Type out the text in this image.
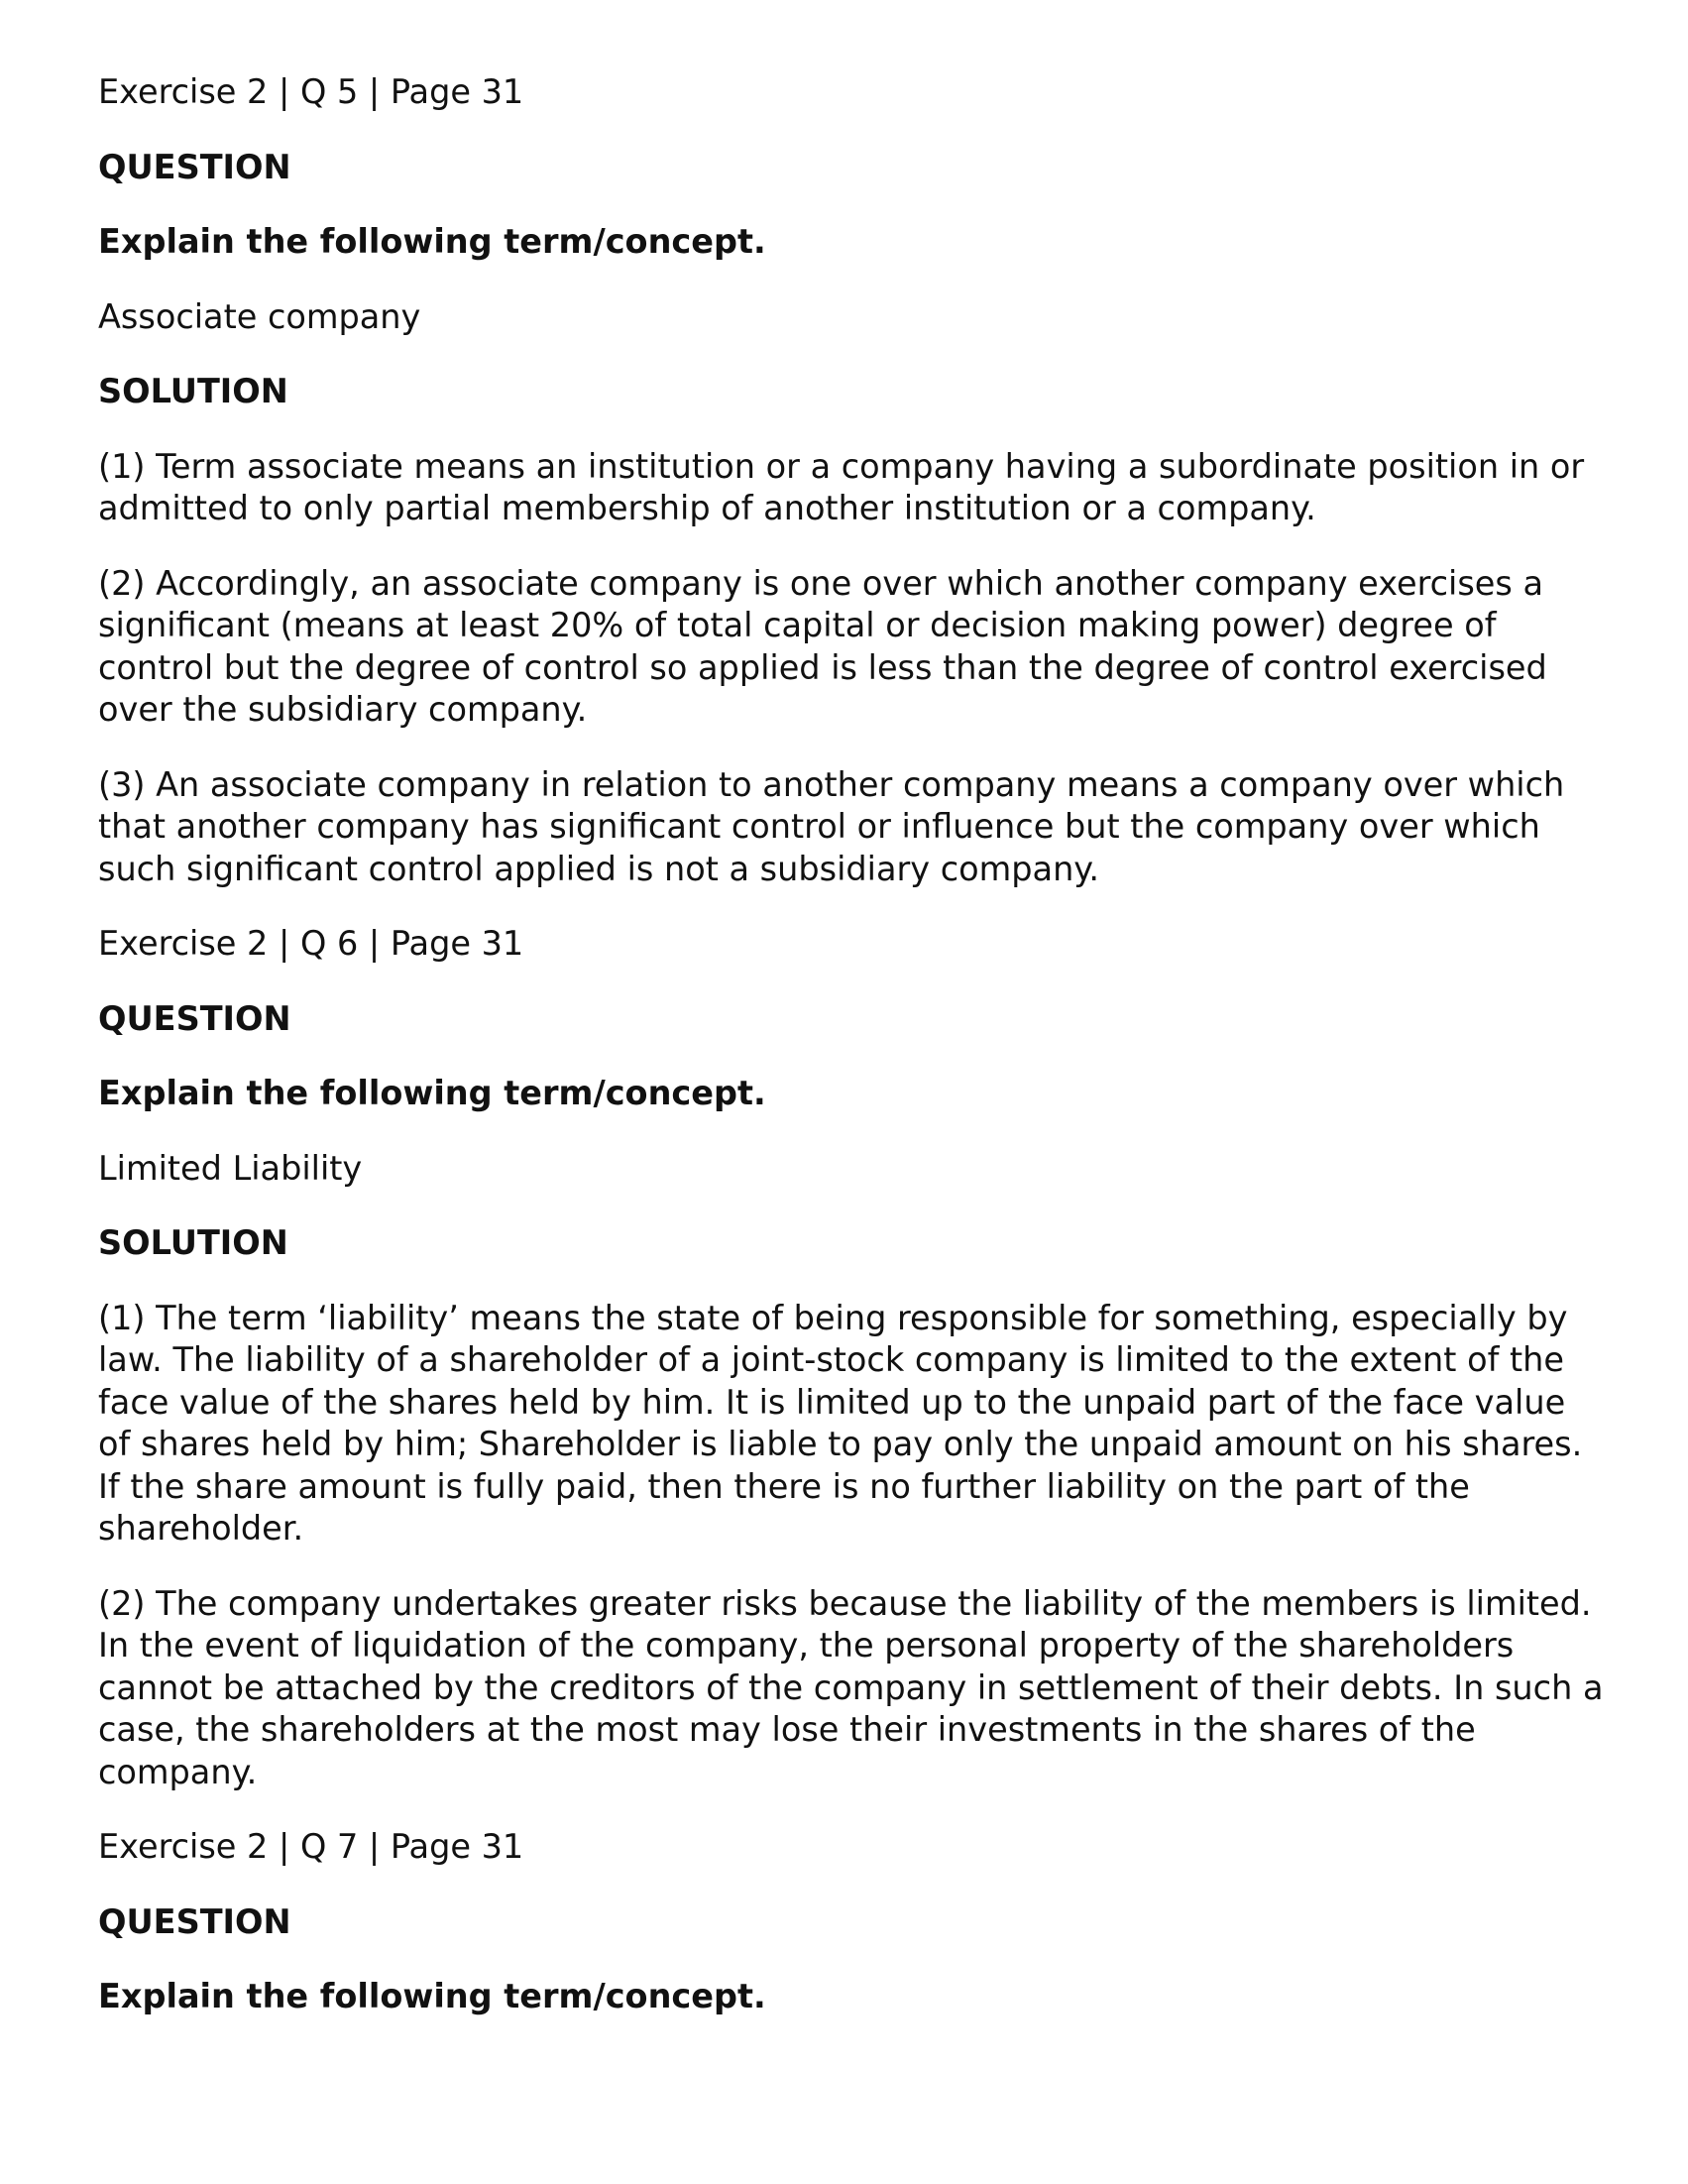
Exercise 2 | Q 5 | Page 31

QUESTION

Explain the following term/concept.

Associate company

SOLUTION

(1) Term associate means an institution or a company having a subordinate position in or admitted to only partial membership of another institution or a company.

(2) Accordingly, an associate company is one over which another company exercises a significant (means at least 20% of total capital or decision making power) degree of control but the degree of control so applied is less than the degree of control exercised over the subsidiary company.

(3) An associate company in relation to another company means a company over which that another company has significant control or influence but the company over which such significant control applied is not a subsidiary company.

Exercise 2 | Q 6 | Page 31

QUESTION

Explain the following term/concept.

Limited Liability

SOLUTION

(1) The term ‘liability’ means the state of being responsible for something, especially by law. The liability of a shareholder of a joint-stock company is limited to the extent of the face value of the shares held by him. It is limited up to the unpaid part of the face value of shares held by him; Shareholder is liable to pay only the unpaid amount on his shares. If the share amount is fully paid, then there is no further liability on the part of the shareholder.

(2) The company undertakes greater risks because the liability of the members is limited. In the event of liquidation of the company, the personal property of the shareholders cannot be attached by the creditors of the company in settlement of their debts. In such a case, the shareholders at the most may lose their investments in the shares of the company.

Exercise 2 | Q 7 | Page 31

QUESTION

Explain the following term/concept.
